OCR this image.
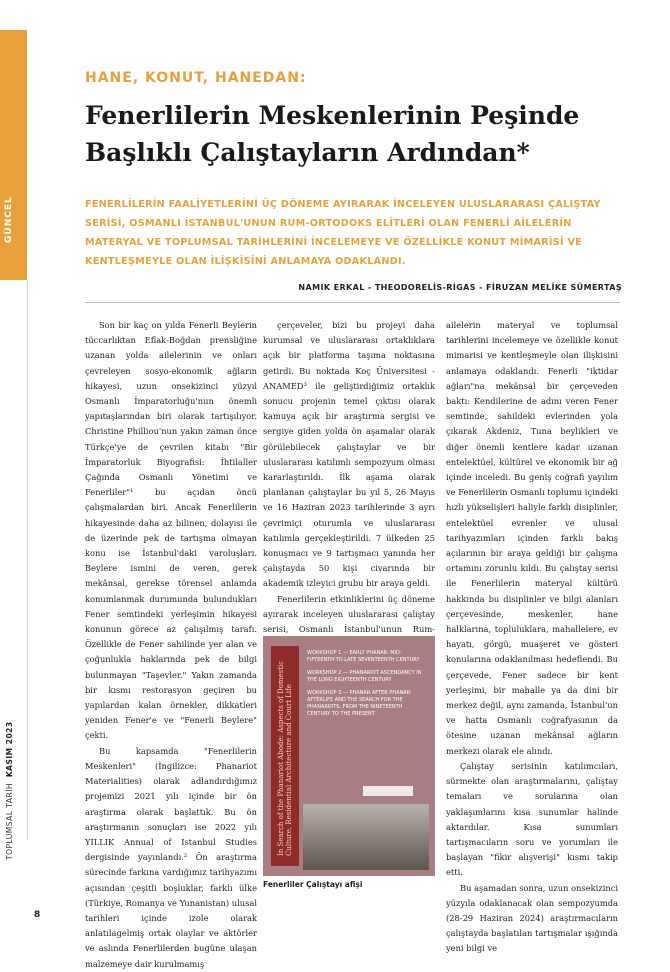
GÜNCEL
TOPLUMSAL TARİH  KASIM 2023
8
HANE, KONUT, HANEDAN:
Fenerlilerin Meskenlerinin Peşinde Başlıklı Çalıştayların Ardından*
FENERLİLERİN FAALİYETLERİNİ ÜÇ DÖNEME AYIRARAK İNCELEYEN ULUSLARARASI ÇALIŞTAY SERİSİ, OSMANLI İSTANBUL'UNUN RUM-ORTODOKS ELİTLERİ OLAN FENERLİ AİLELERİN MATERYAL VE TOPLUMSAL TARİHLERİNİ İNCELEMEYE VE ÖZELLİKLE KONUT MİMARİSİ VE KENTLEŞMEYLE OLAN İLİŞKİSİNİ ANLAMAYA ODAKLANDI.
NAMIK ERKAL - THEODORELİS-RİGAS - FİRUZAN MELİKE SÜMERTAŞ

Son bir kaç on yılda Fenerli Beylerin tüccarlıktan Eflak-Boğdan prensliğine uzanan yolda ailelerinin ve onları çevreleyen sosyo-ekonomik ağların hikayesi, uzun onsekizinci yüzyıl Osmanlı İmparatorluğu'nun önemli yapıtaşlarından biri olarak tartışılıyor. Christine Philliou'nun yakın zaman önce Türkçe'ye de çevrilen kitabı "Bir İmparatorluk Biyografisi: İhtilaller Çağında Osmanlı Yönetimi ve Fenerliler"¹ bu açıdan öncü çalışmalardan biri. Ancak Fenerlilerin hikayesinde daha az bilinen, dolayısı ile de üzerinde pek de tartışma olmayan konu ise İstanbul'daki varoluşları. Beylere ismini de veren, gerek mekânsal, gerekse törensel anlamda konumlanmak durumunda bulundukları Fener semtindeki yerleşimin hikayesi konunun görece az çalışılmış tarafı. Özellikle de Fener sahilinde yer alan ve çoğunlukla haklarında pek de bilgi bulunmayan "Taşevler." Yakın zamanda bir kısmı restorasyon geçiren bu yapılardan kalan örnekler, dikkatleri yeniden Fener'e ve "Fenerli Beylere" çekti.

Bu kapsamda "Fenerlilerin Meskenleri" (İngilizce: Phanariot Materialities) olarak adlandırdığımız projemizi 2021 yılı içinde bir ön araştırma olarak başlattık. Bu ön araştırmanın sonuçları ise 2022 yılı YILLIK Annual of Istanbul Studies dergisinde yayınlandı.² Ön araştırma sürecinde farkına vardığımız tarihyazımı açısından çeşitli boşluklar, farklı ülke (Türkiye, Romanya ve Yunanistan) ulusal tarihleri içinde izole olarak anlatılagelmiş ortak olaylar ve aktörler ve aslında Fenerlilerden bugüne ulaşan malzemeye dair kurulmamış

çerçeveler, bizi bu projeyi daha kurumsal ve uluslararası ortaklıklara açık bir platforma taşıma noktasına getirdi. Bu noktada Koç Üniversitesi - ANAMED³ ile geliştirdiğimiz ortaklık sonucu projenin temel çıktısı olarak kamuya açık bir araştırma sergisi ve sergiye giden yolda ön aşamalar olarak görülebilecek çalıştaylar ve bir uluslararası katılımlı sempozyum olması kararlaştırıldı. İlk aşama olarak planlanan çalıştaylar bu yıl 5, 26 Mayıs ve 16 Haziran 2023 tarihlerinde 3 ayrı çevrimiçi oturumla ve uluslararası katılımla gerçekleştirildi. 7 ülkeden 25 konuşmacı ve 9 tartışmacı yanında her çalıştayda 50 kişi civarında bir akademik izleyici grubu bir araya geldi.

Fenerlilerin etkinliklerini üç döneme ayırarak inceleyen uluslararası çalıştay serisi, Osmanlı İstanbul'unun Rum-

In Search of the Phanariot Abode: Aspects of Domestic Culture, Residential Architecture and Court Life
WORKSHOP 1 — EARLY PHANAR: MID-FIFTEENTH TO LATE SEVENTEENTH CENTURY
WORKSHOP 2 — PHANARIOT ASCENDANCY IN THE LONG EIGHTEENTH CENTURY
WORKSHOP 3 — PHANAR AFTER PHANAR: AFTERLIFE AND THE SEARCH FOR THE PHANARIOTS, FROM THE NINETEENTH CENTURY TO THE PRESENT
Fenerliler Çalıştayı afişi

ailelerin materyal ve toplumsal tarihlerini incelemeye ve özellikle konut mimarisi ve kentleşmeyle olan ilişkisini anlamaya odaklandı. Fenerli "iktidar ağları"na mekânsal bir çerçeveden baktı: Kendilerine de adını veren Fener semtinde, sahildeki evlerinden yola çıkarak Akdeniz, Tuna beylikleri ve diğer önemli kentlere kadar uzanan entelektüel, kültürel ve ekonomik bir ağ içinde inceledi. Bu geniş coğrafi yayılım ve Fenerlilerin Osmanlı toplumu içindeki hızlı yükselişleri haliyle farklı disiplinler, entelektüel evrenler ve ulusal tarihyazımları içinden farklı bakış açılarının bir araya geldiği bir çalışma ortamını zorunlu kıldı. Bu çalıştay serisi ile Fenerlilerin materyal kültürü hakkında bu disiplinler ve bilgi alanları çerçevesinde, meskenler, hane halklarına, topluluklara, mahallelere, ev hayatı, görgü, muaşeret ve gösteri konularına odaklanılması hedeflendi. Bu çerçevede, Fener sadece bir kent yerleşimi, bir mahalle ya da dini bir merkez değil, aynı zamanda, İstanbul'un ve hatta Osmanlı coğrafyasının da ötesine uzanan mekânsal ağların merkezi olarak ele alındı.

Çalıştay serisinin katılımcıları, sürmekte olan araştırmalarını, çalıştay temaları ve sorularına olan yaklaşımlarını kısa sunumlar halinde aktardılar. Kısa sunumları tartışmacıların soru ve yorumları ile başlayan "fikir alışverişi" kısmı takip etti.

Bu aşamadan sonra, uzun onsekizinci yüzyıla odaklanacak olan sempozyumda (28-29 Haziran 2024) araştırmacıların çalıştayda başlatılan tartışmalar ışığında yeni bilgi ve
